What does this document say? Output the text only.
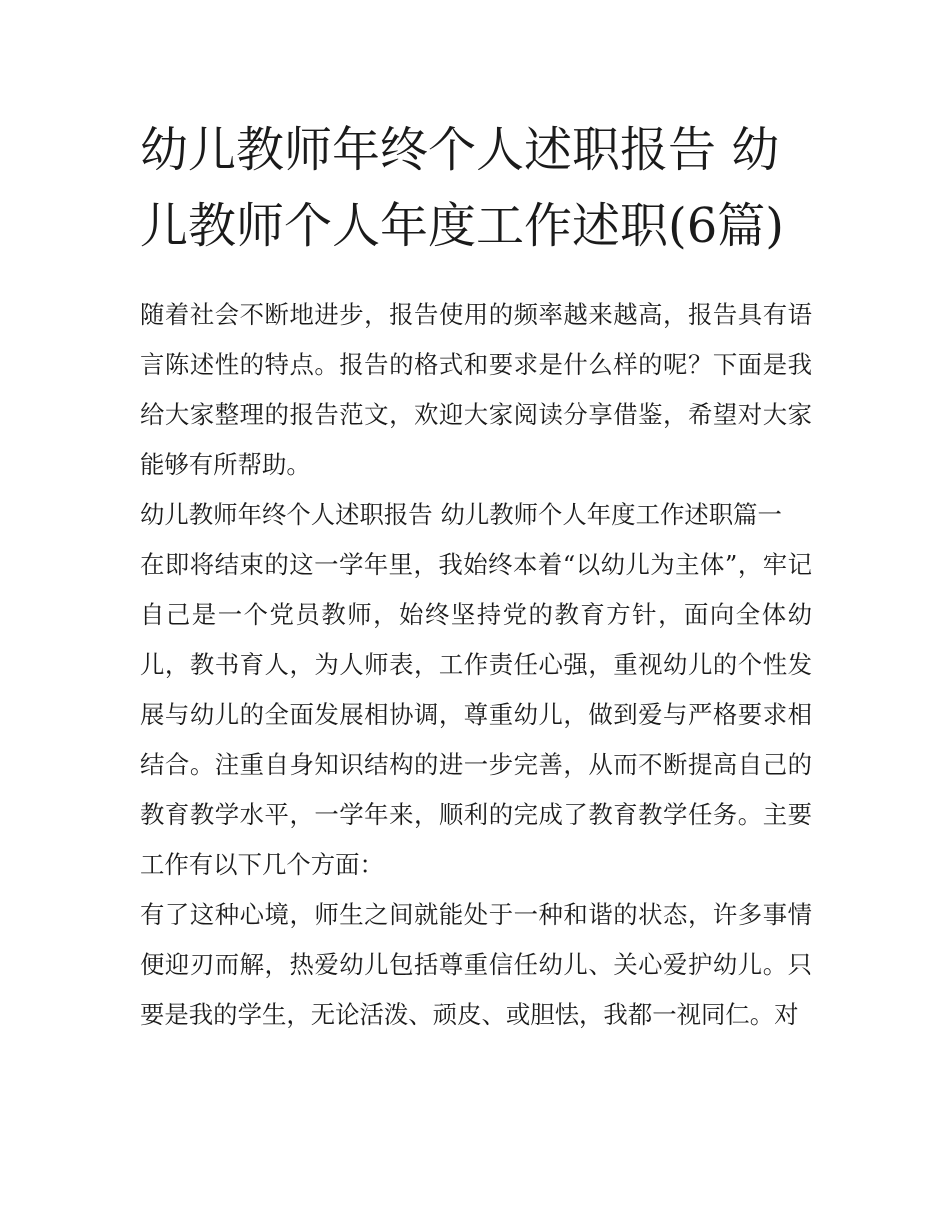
幼儿教师年终个人述职报告 幼儿教师个人年度工作述职(6篇)

随着社会不断地进步，报告使用的频率越来越高，报告具有语言陈述性的特点。报告的格式和要求是什么样的呢？下面是我给大家整理的报告范文，欢迎大家阅读分享借鉴，希望对大家能够有所帮助。

幼儿教师年终个人述职报告 幼儿教师个人年度工作述职篇一

在即将结束的这一学年里，我始终本着“以幼儿为主体”，牢记自己是一个党员教师，始终坚持党的教育方针，面向全体幼儿，教书育人，为人师表，工作责任心强，重视幼儿的个性发展与幼儿的全面发展相协调，尊重幼儿，做到爱与严格要求相结合。注重自身知识结构的进一步完善，从而不断提高自己的教育教学水平，一学年来，顺利的完成了教育教学任务。主要工作有以下几个方面：

有了这种心境，师生之间就能处于一种和谐的状态，许多事情便迎刃而解，热爱幼儿包括尊重信任幼儿、关心爱护幼儿。只要是我的学生，无论活泼、顽皮、或胆怯，我都一视同仁。对
